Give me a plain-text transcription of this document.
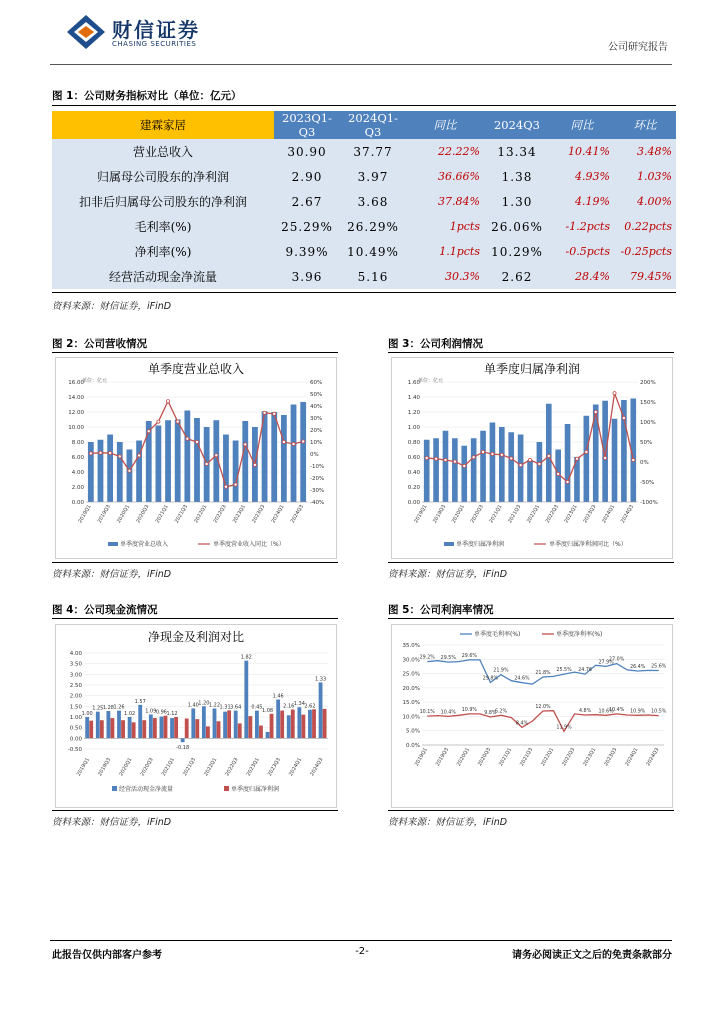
财信证券
CHASING SECURITIES	公司研究报告
图 1：公司财务指标对比（单位：亿元）
建霖家居	2023Q1-Q3	2024Q1-Q3	同比	2024Q3	同比	环比
营业总收入	30.90	37.77	22.22%	13.34	10.41%	3.48%
归属母公司股东的净利润	2.90	3.97	36.66%	1.38	4.93%	1.03%
扣非后归属母公司股东的净利润	2.67	3.68	37.84%	1.30	4.19%	4.00%
毛利率(%)	25.29%	26.29%	1pcts	26.06%	-1.2pcts	0.22pcts
净利率(%)	9.39%	10.49%	1.1pcts	10.29%	-0.5pcts	-0.25pcts
经营活动现金净流量	3.96	5.16	30.3%	2.62	28.4%	79.45%
资料来源：财信证券，iFinD
图 2：公司营收情况	图 3：公司利润情况
单季度营业总收入
单位：亿元
0.00
2.00
4.00
6.00
8.00
10.00
12.00
14.00
16.00
-40%
-30%
-20%
-10%
0%
10%
20%
30%
40%
50%
60%
2019Q1 2019Q3 2020Q1 2020Q3 2021Q1 2021Q3 2022Q1 2022Q3 2023Q1 2023Q3 2024Q1 2024Q3
单季度营业总收入	单季度营业收入同比（%）
单季度归属净利润
单位：亿元
0.00
0.20
0.40
0.60
0.80
1.00
1.20
1.40
1.60
-100%
-50%
0%
50%
100%
150%
200%
2019Q1 2019Q3 2020Q1 2020Q3 2021Q1 2021Q3 2022Q1 2022Q3 2023Q1 2023Q3 2024Q1 2024Q3
单季度归属净利润	单季度归属净利润同比（%）
资料来源：财信证券，iFinD	资料来源：财信证券，iFinD
图 4：公司现金流情况	图 5：公司利润率情况
净现金及利润对比
-0.50
0.00
0.50
1.00
1.50
2.00
2.50
3.00
3.50
4.00
1.00
1.25 1.28 1.26
1.02
1.57
1.09 0.96 1.12
-0.18
1.40 1.20 1.22 1.31 3.64
1.82
0.45
1.08
1.46
2.16 1.34 2.62
1.33
2019Q1 2019Q3 2020Q1 2020Q3 2021Q1 2021Q3 2022Q1 2022Q3 2023Q1 2023Q3 2024Q1 2024Q3
经营活动现金净流量	单季度归属净利润
0.0%
5.0%
10.0%
15.0%
20.0%
25.0%
30.0%
35.0%
29.2% 29.5% 29.6%
29.8%
21.9%
24.6%
21.8%
25.5% 24.76
27.9%
27.0%
26.4% 25.6%
10.1% 10.4%
10.9%
9.8%
6.2%
8.4%
12.0%
11.9%
4.8% 10.6%
10.4% 10.9% 10.5%
2019Q1 2019Q3 2020Q1 2020Q3 2021Q1 2021Q3 2022Q1 2022Q3 2023Q1 2023Q3 2024Q1 2024Q3
单季度毛利率(%)	单季度净利率(%)
资料来源：财信证券，iFinD	资料来源：财信证券，iFinD
此报告仅供内部客户参考	-2-	请务必阅读正文之后的免责条款部分
